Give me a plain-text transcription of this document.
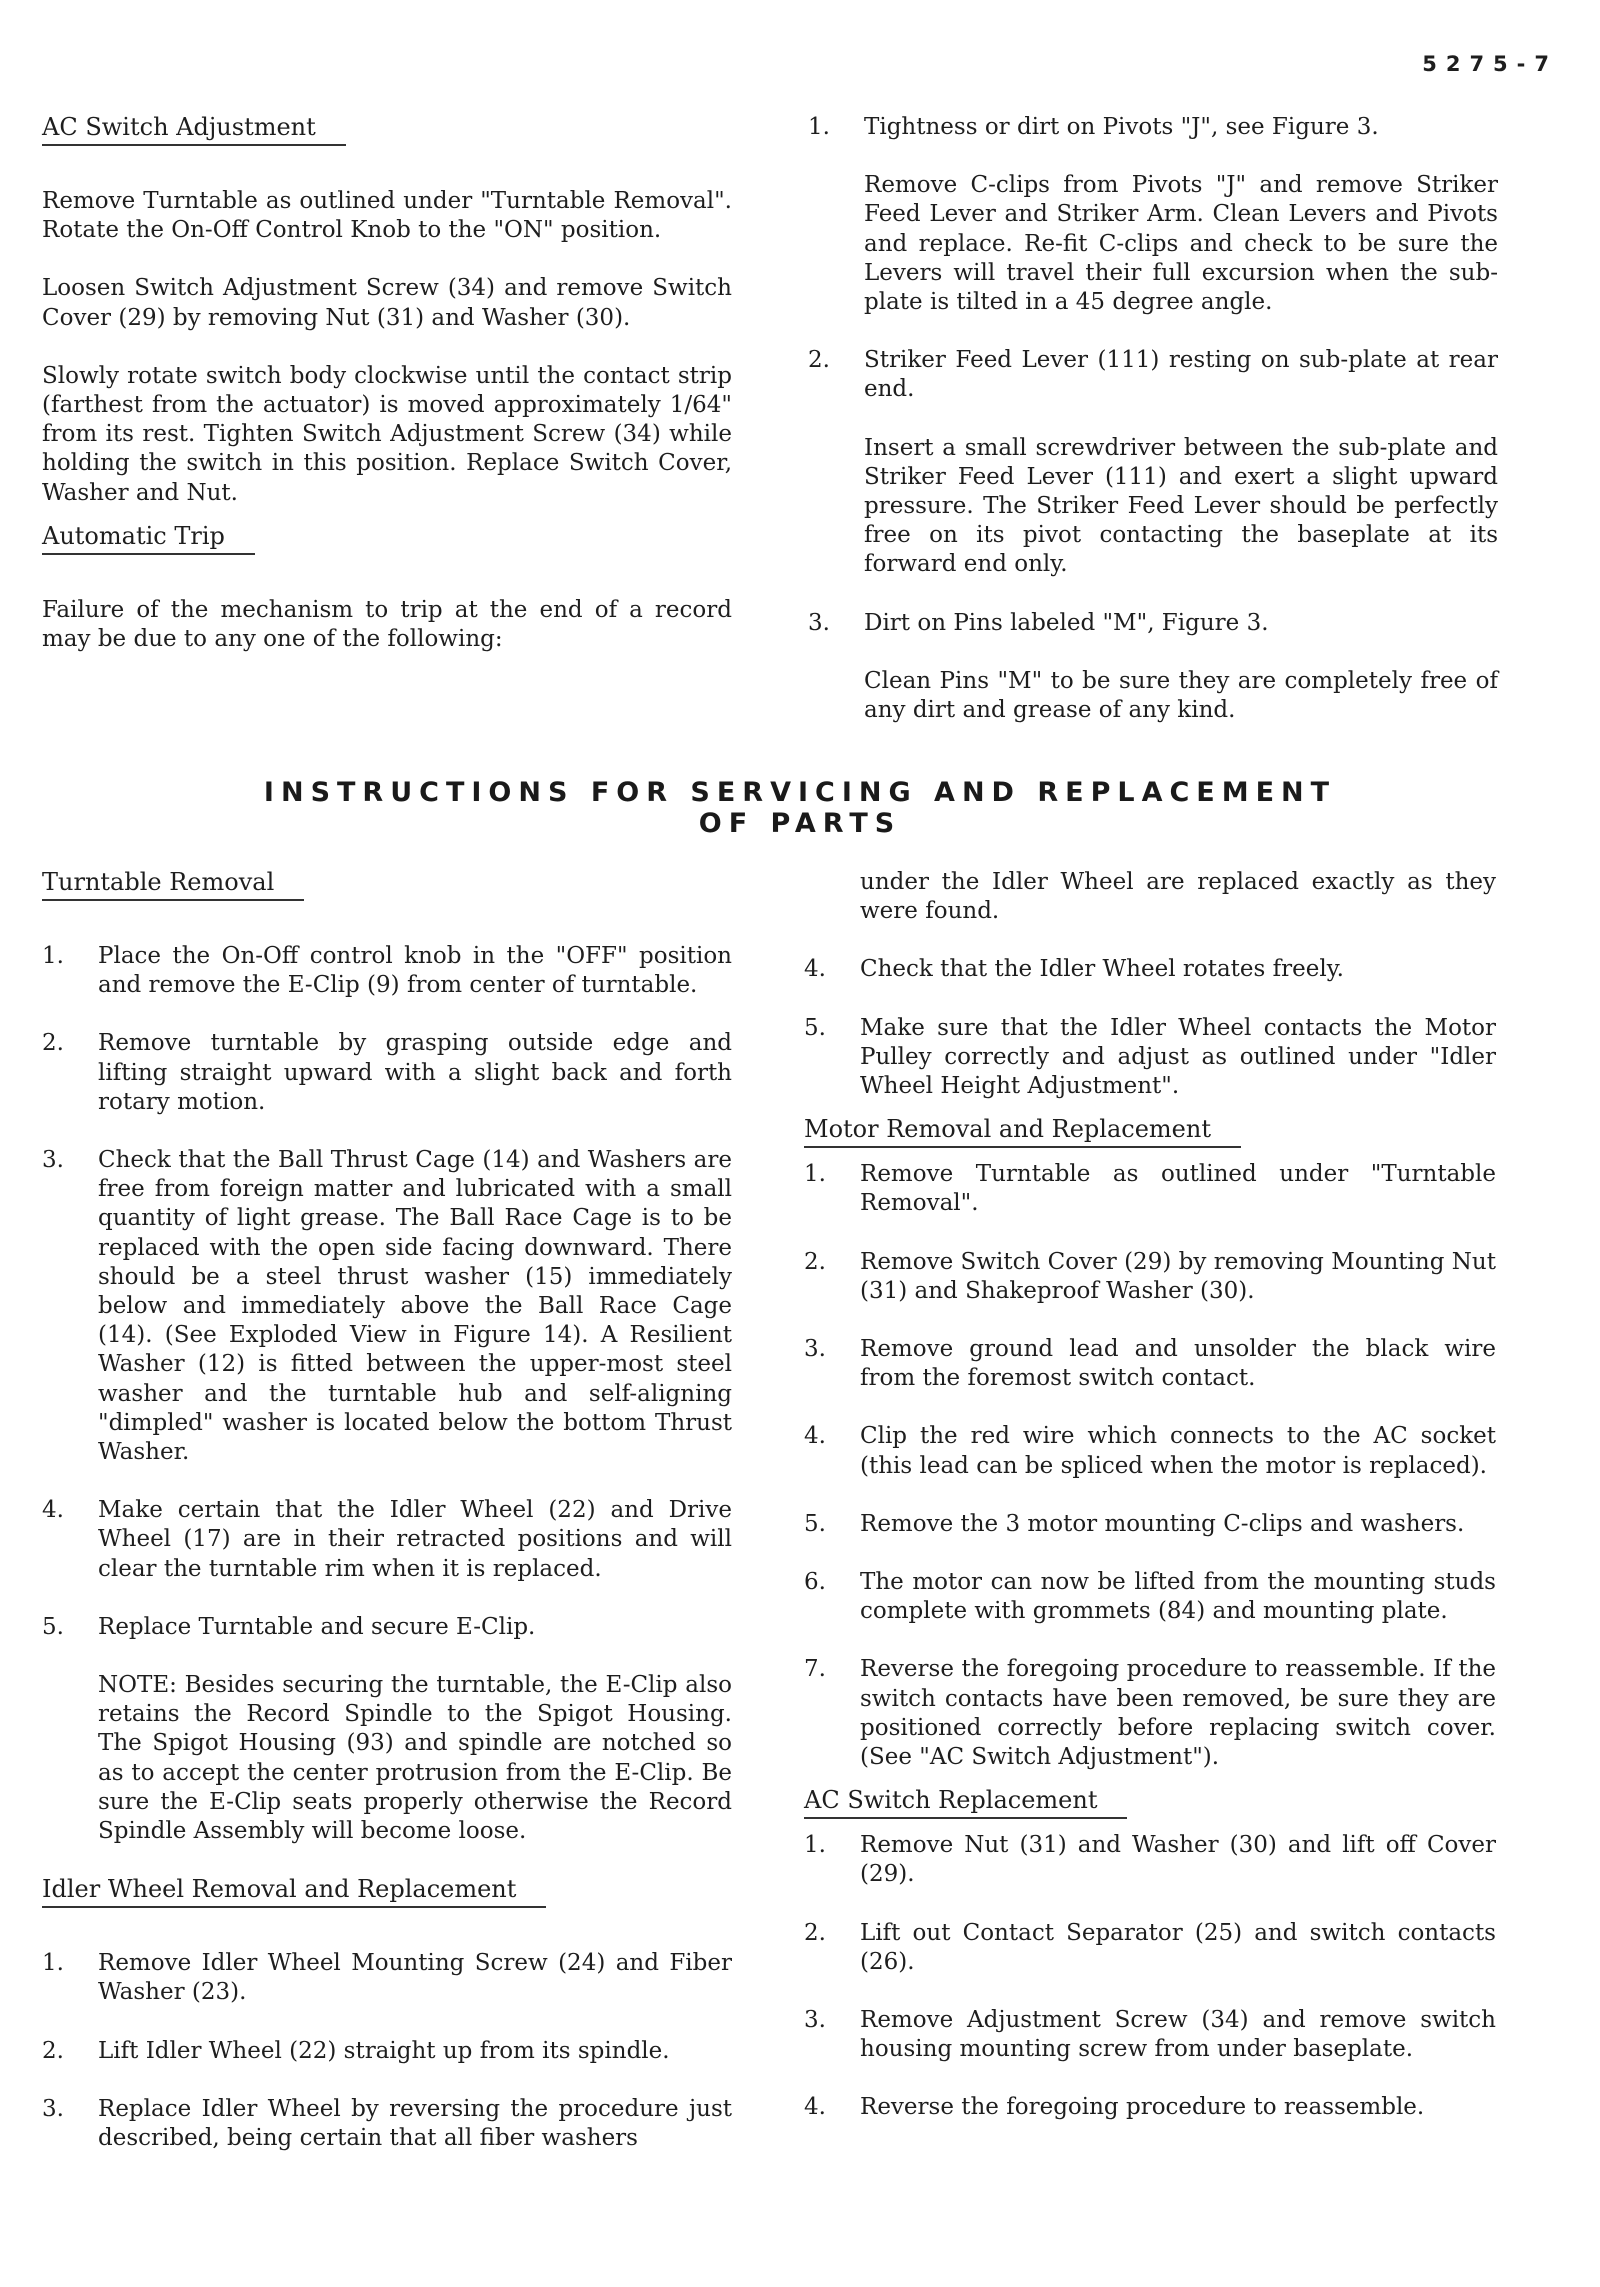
5275-7
AC Switch Adjustment

Remove Turntable as outlined under "Turntable Removal". Rotate the On-Off Control Knob to the "ON" position.

Loosen Switch Adjustment Screw (34) and remove Switch Cover (29) by removing Nut (31) and Washer (30).

Slowly rotate switch body clockwise until the contact strip (farthest from the actuator) is moved approximately 1/64" from its rest. Tighten Switch Adjustment Screw (34) while holding the switch in this position. Replace Switch Cover, Washer and Nut.

Automatic Trip

Failure of the mechanism to trip at the end of a record may be due to any one of the following:

1.	Tightness or dirt on Pivots "J", see Figure 3.

Remove C-clips from Pivots "J" and remove Striker Feed Lever and Striker Arm. Clean Levers and Pivots and replace. Re-fit C-clips and check to be sure the Levers will travel their full excursion when the sub-plate is tilted in a 45 degree angle.

2.	Striker Feed Lever (111) resting on sub-plate at rear end.

Insert a small screwdriver between the sub-plate and Striker Feed Lever (111) and exert a slight upward pressure. The Striker Feed Lever should be perfectly free on its pivot contacting the baseplate at its forward end only.

3.	Dirt on Pins labeled "M", Figure 3.

Clean Pins "M" to be sure they are completely free of any dirt and grease of any kind.

INSTRUCTIONS FOR SERVICING AND REPLACEMENT
OF PARTS
Turntable Removal
1.	Place the On-Off control knob in the "OFF" position and remove the E-Clip (9) from center of turntable.
2.	Remove turntable by grasping outside edge and lifting straight upward with a slight back and forth rotary motion.
3.	Check that the Ball Thrust Cage (14) and Washers are free from foreign matter and lubricated with a small quantity of light grease. The Ball Race Cage is to be replaced with the open side facing downward. There should be a steel thrust washer (15) immediately below and immediately above the Ball Race Cage (14). (See Exploded View in Figure 14). A Resilient Washer (12) is fitted between the upper-most steel washer and the turntable hub and self-aligning "dimpled" washer is located below the bottom Thrust Washer.
4.	Make certain that the Idler Wheel (22) and Drive Wheel (17) are in their retracted positions and will clear the turntable rim when it is replaced.
5.	Replace Turntable and secure E-Clip.

NOTE: Besides securing the turntable, the E-Clip also retains the Record Spindle to the Spigot Housing. The Spigot Housing (93) and spindle are notched so as to accept the center protrusion from the E-Clip. Be sure the E-Clip seats properly otherwise the Record Spindle Assembly will become loose.

Idler Wheel Removal and Replacement
1.	Remove Idler Wheel Mounting Screw (24) and Fiber Washer (23).
2.	Lift Idler Wheel (22) straight up from its spindle.
3.	Replace Idler Wheel by reversing the procedure just described, being certain that all fiber washers

under the Idler Wheel are replaced exactly as they were found.

4.	Check that the Idler Wheel rotates freely.
5.	Make sure that the Idler Wheel contacts the Motor Pulley correctly and adjust as outlined under "Idler Wheel Height Adjustment".
Motor Removal and Replacement
1.	Remove Turntable as outlined under "Turntable Removal".
2.	Remove Switch Cover (29) by removing Mounting Nut (31) and Shakeproof Washer (30).
3.	Remove ground lead and unsolder the black wire from the foremost switch contact.
4.	Clip the red wire which connects to the AC socket (this lead can be spliced when the motor is replaced).
5.	Remove the 3 motor mounting C-clips and washers.
6.	The motor can now be lifted from the mounting studs complete with grommets (84) and mounting plate.
7.	Reverse the foregoing procedure to reassemble. If the switch contacts have been removed, be sure they are positioned correctly before replacing switch cover. (See "AC Switch Adjustment").
AC Switch Replacement
1.	Remove Nut (31) and Washer (30) and lift off Cover (29).
2.	Lift out Contact Separator (25) and switch contacts (26).
3.	Remove Adjustment Screw (34) and remove switch housing mounting screw from under baseplate.
4.	Reverse the foregoing procedure to reassemble.
